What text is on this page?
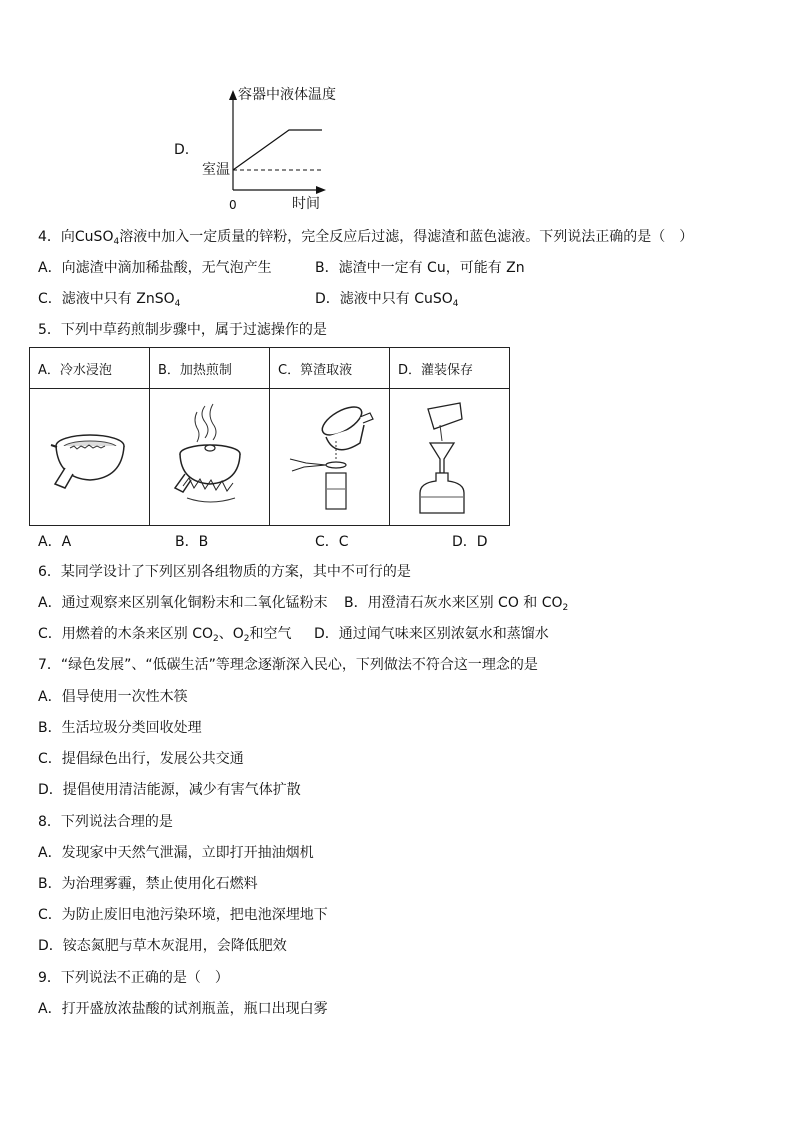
D.
容器中液体温度
室温
0	时间
4．向CuSO$_4$溶液中加入一定质量的锌粉，完全反应后过滤，得滤渣和蓝色滤液。下列说法正确的是（　）
A．向滤渣中滴加稀盐酸，无气泡产生	B．滤渣中一定有 Cu，可能有 Zn
C．滤液中只有 ZnSO$_4$	D．滤液中只有 CuSO$_4$
5．下列中草药煎制步骤中，属于过滤操作的是
A．冷水浸泡	B．加热煎制	C．箅渣取液	D．灌装保存

A．A	B．B	C．C	D．D
6．某同学设计了下列区别各组物质的方案，其中不可行的是
A．通过观察来区别氧化铜粉末和二氧化锰粉末 B．用澄清石灰水来区别 CO 和 $CO_2$
C．用燃着的木条来区别 $CO_2$、$O_2$和空气 D．通过闻气味来区别浓氨水和蒸馏水
7．“绿色发展”、“低碳生活”等理念逐渐深入民心，下列做法不符合这一理念的是
A．倡导使用一次性木筷
B．生活垃圾分类回收处理
C．提倡绿色出行，发展公共交通
D．提倡使用清洁能源，减少有害气体扩散
8．下列说法合理的是
A．发现家中天然气泄漏，立即打开抽油烟机
B．为治理雾霾，禁止使用化石燃料
C．为防止废旧电池污染环境，把电池深埋地下
D．铵态氮肥与草木灰混用，会降低肥效
9．下列说法不正确的是（　）
A．打开盛放浓盐酸的试剂瓶盖，瓶口出现白雾
